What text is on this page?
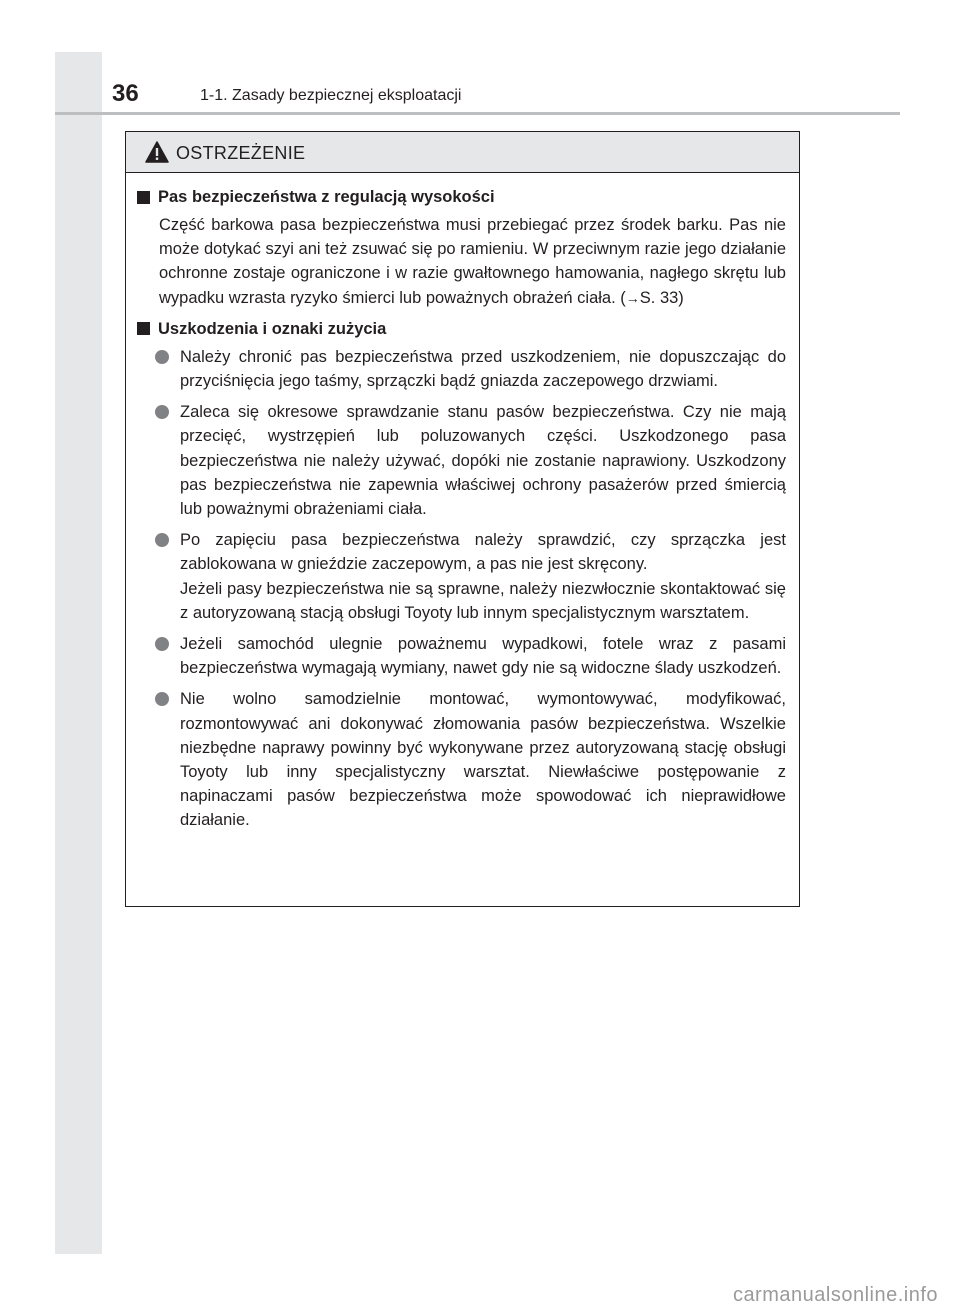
36	1-1. Zasady bezpiecznej eksploatacji
OSTRZEŻENIE
Pas bezpieczeństwa z regulacją wysokości

Część barkowa pasa bezpieczeństwa musi przebiegać przez środek barku. Pas nie może dotykać szyi ani też zsuwać się po ramieniu. W przeciwnym razie jego działanie ochronne zostaje ograniczone i w razie gwałtownego hamowania, nagłego skrętu lub wypadku wzrasta ryzyko śmierci lub poważnych obrażeń ciała. (→S. 33)

Uszkodzenia i oznaki zużycia

Należy chronić pas bezpieczeństwa przed uszkodzeniem, nie dopuszczając do przyciśnięcia jego taśmy, sprzączki bądź gniazda zaczepowego drzwiami.

Zaleca się okresowe sprawdzanie stanu pasów bezpieczeństwa. Czy nie mają przecięć, wystrzępień lub poluzowanych części. Uszkodzonego pasa bezpieczeństwa nie należy używać, dopóki nie zostanie naprawiony. Uszkodzony pas bezpieczeństwa nie zapewnia właściwej ochrony pasażerów przed śmiercią lub poważnymi obrażeniami ciała.

Po zapięciu pasa bezpieczeństwa należy sprawdzić, czy sprzączka jest zablokowana w gnieździe zaczepowym, a pas nie jest skręcony.

Jeżeli pasy bezpieczeństwa nie są sprawne, należy niezwłocznie skontaktować się z autoryzowaną stacją obsługi Toyoty lub innym specjalistycznym warsztatem.

Jeżeli samochód ulegnie poważnemu wypadkowi, fotele wraz z pasami bezpieczeństwa wymagają wymiany, nawet gdy nie są widoczne ślady uszkodzeń.

Nie wolno samodzielnie montować, wymontowywać, modyfikować, rozmontowywać ani dokonywać złomowania pasów bezpieczeństwa. Wszelkie niezbędne naprawy powinny być wykonywane przez autoryzowaną stację obsługi Toyoty lub inny specjalistyczny warsztat. Niewłaściwe postępowanie z napinaczami pasów bezpieczeństwa może spowodować ich nieprawidłowe działanie.

carmanualsonline.info
